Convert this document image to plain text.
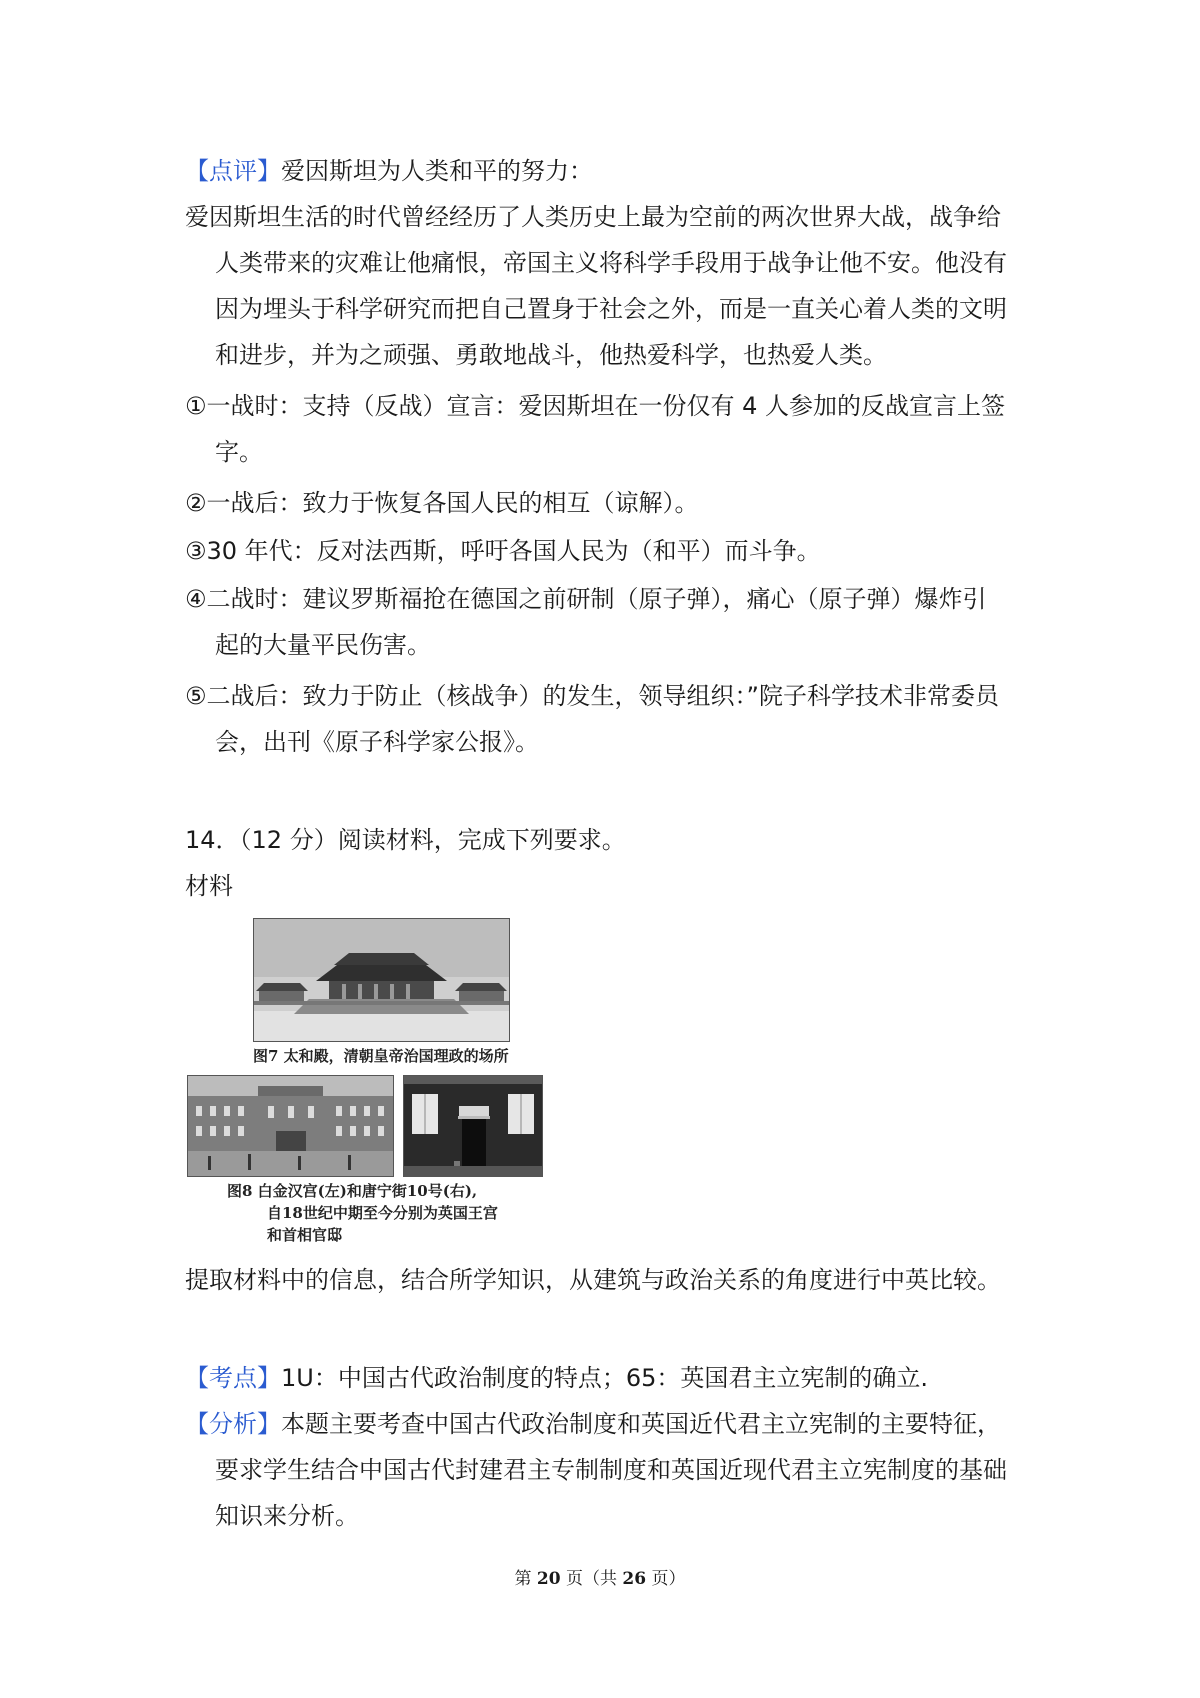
【点评】爱因斯坦为人类和平的努力：
爱因斯坦生活的时代曾经经历了人类历史上最为空前的两次世界大战，战争给
人类带来的灾难让他痛恨，帝国主义将科学手段用于战争让他不安。他没有
因为埋头于科学研究而把自己置身于社会之外，而是一直关心着人类的文明
和进步，并为之顽强、勇敢地战斗，他热爱科学，也热爱人类。
①一战时：支持（反战）宣言：爱因斯坦在一份仅有 4 人参加的反战宣言上签
字。
②一战后：致力于恢复各国人民的相互（谅解）。
③30 年代：反对法西斯，呼吁各国人民为（和平）而斗争。
④二战时：建议罗斯福抢在德国之前研制（原子弹），痛心（原子弹）爆炸引
起的大量平民伤害。
⑤二战后：致力于防止（核战争）的发生，领导组织：”院子科学技术非常委员
会，出刊《原子科学家公报》。
14．（12 分）阅读材料，完成下列要求。
材料
图7 太和殿，清朝皇帝治国理政的场所
图8 白金汉宫(左)和唐宁街10号(右),
自18世纪中期至今分别为英国王宫
和首相官邸
提取材料中的信息，结合所学知识，从建筑与政治关系的角度进行中英比较。
【考点】1U：中国古代政治制度的特点；65：英国君主立宪制的确立.
【分析】本题主要考查中国古代政治制度和英国近代君主立宪制的主要特征，
要求学生结合中国古代封建君主专制制度和英国近现代君主立宪制度的基础
知识来分析。
第 20 页（共 26 页）
